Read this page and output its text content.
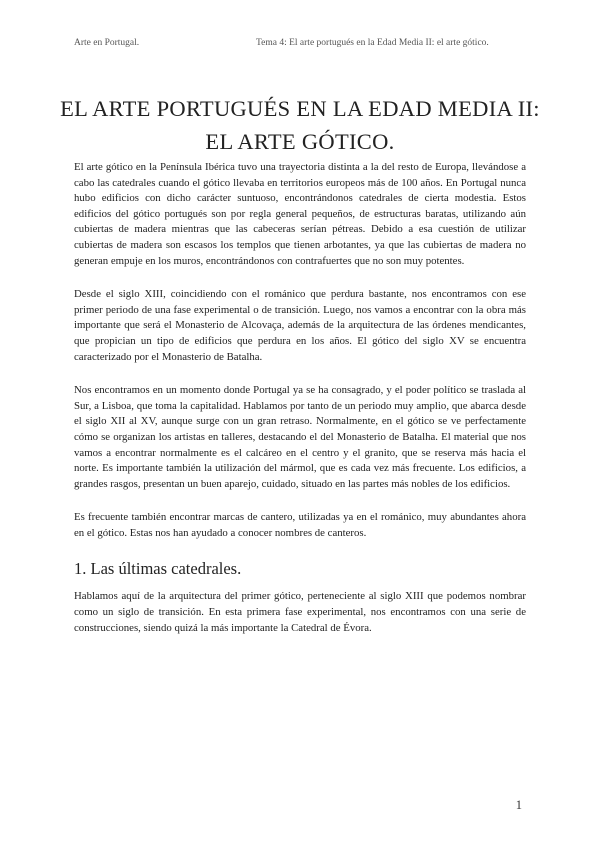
Arte en Portugal.	Tema 4: El arte portugués en la Edad Media II: el arte gótico.
EL ARTE PORTUGUÉS EN LA EDAD MEDIA II:
EL ARTE GÓTICO.

El arte gótico en la Península Ibérica tuvo una trayectoria distinta a la del resto de Europa, llevándose a cabo las catedrales cuando el gótico llevaba en territorios europeos más de 100 años. En Portugal nunca hubo edificios con dicho carácter suntuoso, encontrándonos catedrales de cierta modestia. Estos edificios del gótico portugués son por regla general pequeños, de estructuras baratas, utilizando aún cubiertas de madera mientras que las cabeceras serían pétreas. Debido a esa cuestión de utilizar cubiertas de madera son escasos los templos que tienen arbotantes, ya que las cubiertas de madera no generan empuje en los muros, encontrándonos con contrafuertes que no son muy potentes.

Desde el siglo XIII, coincidiendo con el románico que perdura bastante, nos encontramos con ese primer periodo de una fase experimental o de transición. Luego, nos vamos a encontrar con la obra más importante que será el Monasterio de Alcovaça, además de la arquitectura de las órdenes mendicantes, que propician un tipo de edificios que perdura en los años. El gótico del siglo XV se encuentra caracterizado por el Monasterio de Batalha.

Nos encontramos en un momento donde Portugal ya se ha consagrado, y el poder político se traslada al Sur, a Lisboa, que toma la capitalidad. Hablamos por tanto de un periodo muy amplio, que abarca desde el siglo XII al XV, aunque surge con un gran retraso. Normalmente, en el gótico se ve perfectamente cómo se organizan los artistas en talleres, destacando el del Monasterio de Batalha. El material que nos vamos a encontrar normalmente es el calcáreo en el centro y el granito, que se reserva más hacia el norte. Es importante también la utilización del mármol, que es cada vez más frecuente. Los edificios, a grandes rasgos, presentan un buen aparejo, cuidado, situado en las partes más nobles de los edificios.

Es frecuente también encontrar marcas de cantero, utilizadas ya en el románico, muy abundantes ahora en el gótico. Estas nos han ayudado a conocer nombres de canteros.

1. Las últimas catedrales.

Hablamos aquí de la arquitectura del primer gótico, perteneciente al siglo XIII que podemos nombrar como un siglo de transición. En esta primera fase experimental, nos encontramos con una serie de construcciones, siendo quizá la más importante la Catedral de Évora.

1
